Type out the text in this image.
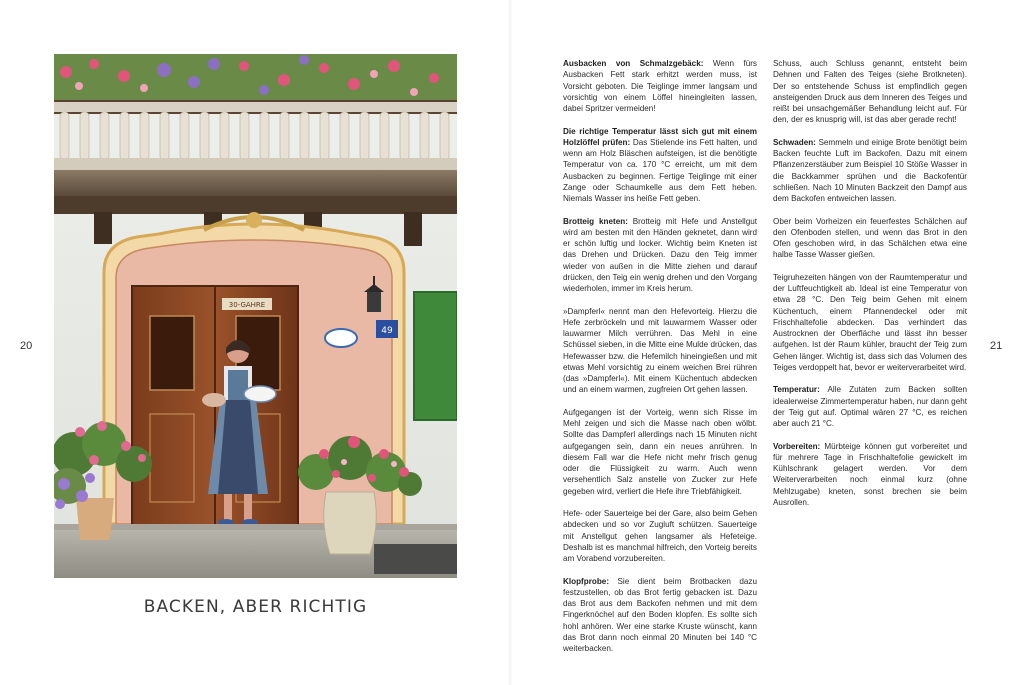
20	21
30-GAHRE
49
BACKEN, ABER RICHTIG

Ausbacken von Schmalzgebäck: Wenn fürs Ausbacken Fett stark erhitzt werden muss, ist Vorsicht geboten. Die Teiglinge immer langsam und vorsichtig von einem Löffel hineingleiten lassen, dabei Spritzer vermeiden!

Die richtige Temperatur lässt sich gut mit einem Holzlöffel prüfen: Das Stielende ins Fett halten, und wenn am Holz Bläschen aufsteigen, ist die benötigte Temperatur von ca. 170 °C erreicht, um mit dem Ausbacken zu beginnen. Fertige Teiglinge mit einer Zange oder Schaumkelle aus dem Fett heben. Niemals Wasser ins heiße Fett geben.

Brotteig kneten: Brotteig mit Hefe und Anstellgut wird am besten mit den Händen geknetet, dann wird er schön luftig und locker. Wichtig beim Kneten ist das Drehen und Drücken. Dazu den Teig immer wieder von außen in die Mitte ziehen und darauf drücken, den Teig ein wenig drehen und den Vorgang wiederholen, immer im Kreis herum.

»Dampferl« nennt man den Hefevorteig. Hierzu die Hefe zerbröckeln und mit lauwarmem Wasser oder lauwarmer Milch verrühren. Das Mehl in eine Schüssel sieben, in die Mitte eine Mulde drücken, das Hefewasser bzw. die Hefemilch hineingießen und mit etwas Mehl vorsichtig zu einem weichen Brei rühren (das »Dampferl«). Mit einem Küchentuch abdecken und an einem warmen, zugfreien Ort gehen lassen.

Aufgegangen ist der Vorteig, wenn sich Risse im Mehl zeigen und sich die Masse nach oben wölbt. Sollte das Dampferl allerdings nach 15 Minuten nicht aufgegangen sein, dann ein neues anrühren. In diesem Fall war die Hefe nicht mehr frisch genug oder die Flüssigkeit zu warm. Auch wenn versehentlich Salz anstelle von Zucker zur Hefe gegeben wird, verliert die Hefe ihre Triebfähigkeit.

Hefe- oder Sauerteige bei der Gare, also beim Gehen abdecken und so vor Zugluft schützen. Sauerteige mit Anstellgut gehen langsamer als Hefeteige. Deshalb ist es manchmal hilfreich, den Vorteig bereits am Vorabend vorzubereiten.

Klopfprobe: Sie dient beim Brotbacken dazu festzustellen, ob das Brot fertig gebacken ist. Dazu das Brot aus dem Backofen nehmen und mit dem Fingerknöchel auf den Boden klopfen. Es sollte sich hohl anhören. Wer eine starke Kruste wünscht, kann das Brot dann noch einmal 20 Minuten bei 140 °C weiterbacken.

Schuss, auch Schluss genannt, entsteht beim Dehnen und Falten des Teiges (siehe Brotkneten). Der so entstehende Schuss ist empfindlich gegen ansteigenden Druck aus dem Inneren des Teiges und reißt bei unsachgemäßer Behandlung leicht auf. Für den, der es knusprig will, ist das aber gerade recht!

Schwaden: Semmeln und einige Brote benötigt beim Backen feuchte Luft im Backofen. Dazu mit einem Pflanzenzerstäuber zum Beispiel 10 Stöße Wasser in die Backkammer sprühen und die Backofentür schließen. Nach 10 Minuten Backzeit den Dampf aus dem Backofen entweichen lassen.

Ober beim Vorheizen ein feuerfestes Schälchen auf den Ofenboden stellen, und wenn das Brot in den Ofen geschoben wird, in das Schälchen etwa eine halbe Tasse Wasser gießen.

Teigruhezeiten hängen von der Raumtemperatur und der Luftfeuchtigkeit ab. Ideal ist eine Temperatur von etwa 28 °C. Den Teig beim Gehen mit einem Küchentuch, einem Pfannendeckel oder mit Frischhaltefolie abdecken. Das verhindert das Austrocknen der Oberfläche und lässt ihn besser aufgehen. Ist der Raum kühler, braucht der Teig zum Gehen länger. Wichtig ist, dass sich das Volumen des Teiges verdoppelt hat, bevor er weiterverarbeitet wird.

Temperatur: Alle Zutaten zum Backen sollten idealerweise Zimmertemperatur haben, nur dann geht der Teig gut auf. Optimal wären 27 °C, es reichen aber auch 21 °C.

Vorbereiten: Mürbteige können gut vorbereitet und für mehrere Tage in Frischhaltefolie gewickelt im Kühlschrank gelagert werden. Vor dem Weiterverarbeiten noch einmal kurz (ohne Mehlzugabe) kneten, sonst brechen sie beim Ausrollen.
